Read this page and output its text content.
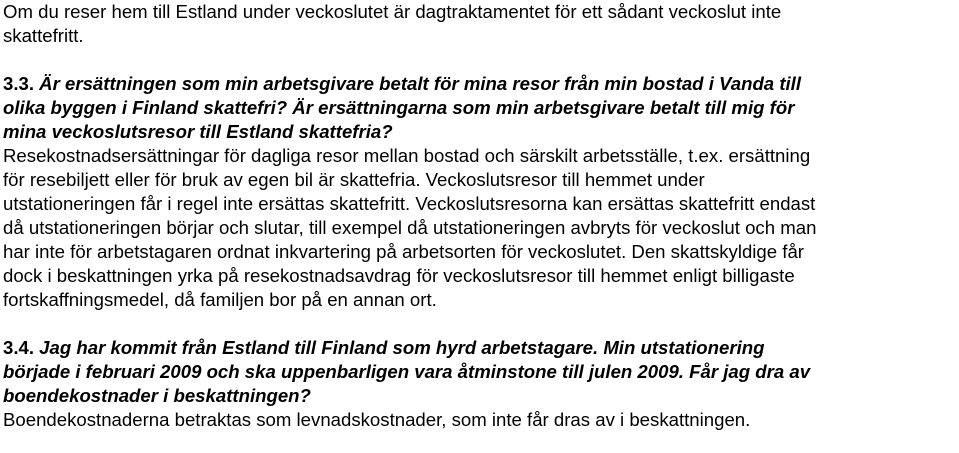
Om du reser hem till Estland under veckoslutet är dagtraktamentet för ett sådant veckoslut inte
skattefritt.
3.3. Är ersättningen som min arbetsgivare betalt för mina resor från min bostad i Vanda till
olika byggen i Finland skattefri? Är ersättningarna som min arbetsgivare betalt till mig för
mina veckoslutsresor till Estland skattefria?
Resekostnadsersättningar för dagliga resor mellan bostad och särskilt arbetsställe, t.ex. ersättning
för resebiljett eller för bruk av egen bil är skattefria. Veckoslutsresor till hemmet under
utstationeringen får i regel inte ersättas skattefritt. Veckoslutsresorna kan ersättas skattefritt endast
då utstationeringen börjar och slutar, till exempel då utstationeringen avbryts för veckoslut och man
har inte för arbetstagaren ordnat inkvartering på arbetsorten för veckoslutet. Den skattskyldige får
dock i beskattningen yrka på resekostnadsavdrag för veckoslutsresor till hemmet enligt billigaste
fortskaffningsmedel, då familjen bor på en annan ort.
3.4. Jag har kommit från Estland till Finland som hyrd arbetstagare. Min utstationering
började i februari 2009 och ska uppenbarligen vara åtminstone till julen 2009. Får jag dra av
boendekostnader i beskattningen?
Boendekostnaderna betraktas som levnadskostnader, som inte får dras av i beskattningen.
